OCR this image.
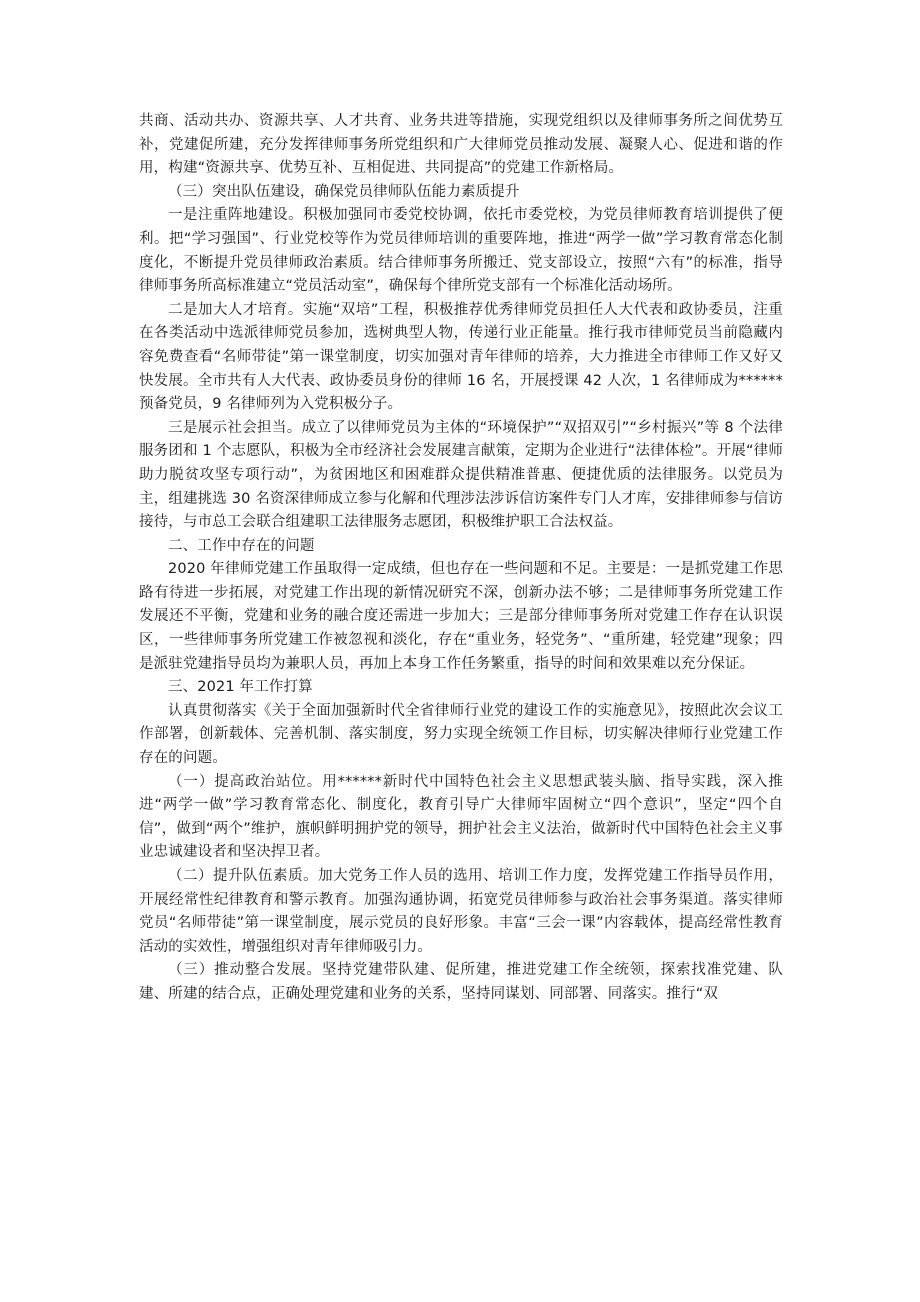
共商、活动共办、资源共享、人才共育、业务共进等措施，实现党组织以及律师事务所之间优势互补，党建促所建，充分发挥律师事务所党组织和广大律师党员推动发展、凝聚人心、促进和谐的作用，构建“资源共享、优势互补、互相促进、共同提高”的党建工作新格局。

（三）突出队伍建设，确保党员律师队伍能力素质提升

一是注重阵地建设。积极加强同市委党校协调，依托市委党校，为党员律师教育培训提供了便利。把“学习强国”、行业党校等作为党员律师培训的重要阵地，推进“两学一做”学习教育常态化制度化，不断提升党员律师政治素质。结合律师事务所搬迁、党支部设立，按照“六有”的标准，指导律师事务所高标准建立“党员活动室”，确保每个律所党支部有一个标准化活动场所。

二是加大人才培育。实施“双培”工程，积极推荐优秀律师党员担任人大代表和政协委员，注重在各类活动中选派律师党员参加，选树典型人物，传递行业正能量。推行我市律师党员当前隐藏内容免费查看“名师带徒”第一课堂制度，切实加强对青年律师的培养，大力推进全市律师工作又好又快发展。全市共有人大代表、政协委员身份的律师 16 名，开展授课 42 人次，1 名律师成为******预备党员，9 名律师列为入党积极分子。

三是展示社会担当。成立了以律师党员为主体的“环境保护”“双招双引”“乡村振兴”等 8 个法律服务团和 1 个志愿队，积极为全市经济社会发展建言献策，定期为企业进行“法律体检”。开展“律师助力脱贫攻坚专项行动”，为贫困地区和困难群众提供精准普惠、便捷优质的法律服务。以党员为主，组建挑选 30 名资深律师成立参与化解和代理涉法涉诉信访案件专门人才库，安排律师参与信访接待，与市总工会联合组建职工法律服务志愿团，积极维护职工合法权益。

二、工作中存在的问题

2020 年律师党建工作虽取得一定成绩，但也存在一些问题和不足。主要是：一是抓党建工作思路有待进一步拓展，对党建工作出现的新情况研究不深，创新办法不够；二是律师事务所党建工作发展还不平衡，党建和业务的融合度还需进一步加大；三是部分律师事务所对党建工作存在认识误区，一些律师事务所党建工作被忽视和淡化，存在“重业务，轻党务”、“重所建，轻党建”现象；四是派驻党建指导员均为兼职人员，再加上本身工作任务繁重，指导的时间和效果难以充分保证。

三、2021 年工作打算

认真贯彻落实《关于全面加强新时代全省律师行业党的建设工作的实施意见》，按照此次会议工作部署，创新载体、完善机制、落实制度，努力实现全统领工作目标，切实解决律师行业党建工作存在的问题。

（一）提高政治站位。用******新时代中国特色社会主义思想武装头脑、指导实践，深入推进“两学一做”学习教育常态化、制度化，教育引导广大律师牢固树立“四个意识”，坚定“四个自信”，做到“两个”维护，旗帜鲜明拥护党的领导，拥护社会主义法治，做新时代中国特色社会主义事业忠诚建设者和坚决捍卫者。

（二）提升队伍素质。加大党务工作人员的选用、培训工作力度，发挥党建工作指导员作用，开展经常性纪律教育和警示教育。加强沟通协调，拓宽党员律师参与政治社会事务渠道。落实律师党员“名师带徒”第一课堂制度，展示党员的良好形象。丰富“三会一课”内容载体，提高经常性教育活动的实效性，增强组织对青年律师吸引力。

（三）推动整合发展。坚持党建带队建、促所建，推进党建工作全统领，探索找准党建、队建、所建的结合点，正确处理党建和业务的关系，坚持同谋划、同部署、同落实。推行“双
